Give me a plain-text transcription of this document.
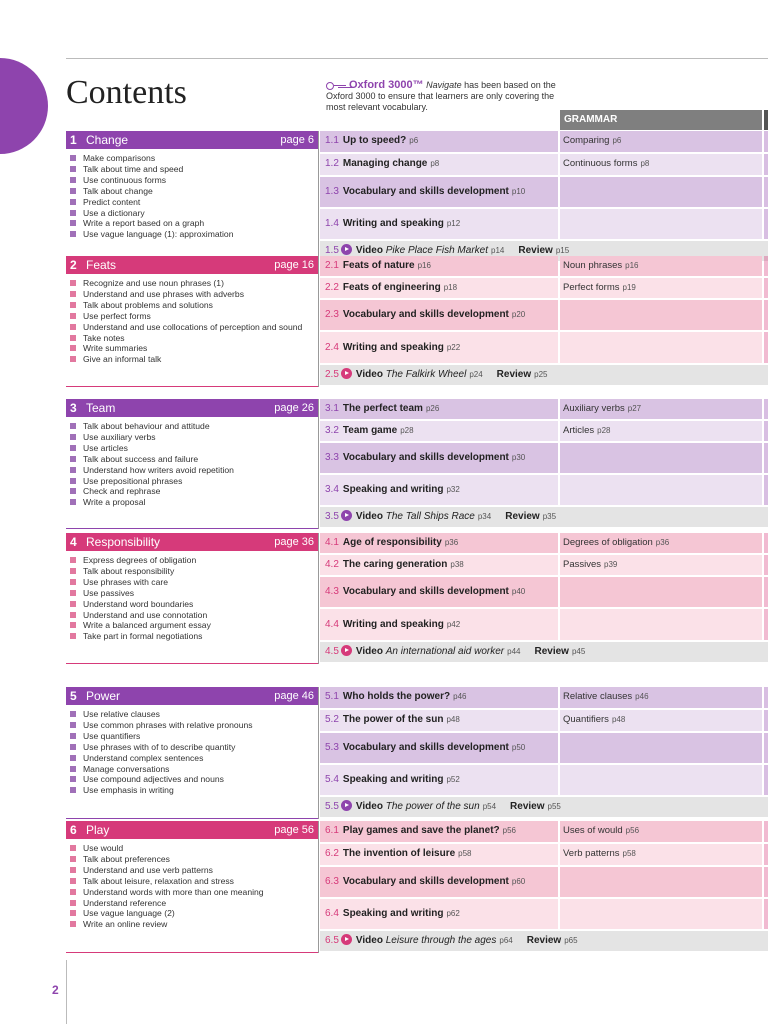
Contents	Oxford 3000™ Navigate has been based on the Oxford 3000 to ensure that learners are only covering the most relevant vocabulary.
GRAMMAR
1 Change	page 6
Make comparisons
Talk about time and speed
Use continuous forms
Talk about change
Predict content
Use a dictionary
Write a report based on a graph
Use vague language (1): approximation
1.1 Up to speed? p6	Comparing p6
1.2 Managing change p8	Continuous forms p8
1.3 Vocabulary and skills development p10
1.4 Writing and speaking p12
1.5 Video Pike Place Fish Market p14 Review p15
2 Feats	page 16
Recognize and use noun phrases (1)
Understand and use phrases with adverbs
Talk about problems and solutions
Use perfect forms
Understand and use collocations of perception and sound
Take notes
Write summaries
Give an informal talk
2.1 Feats of nature p16	Noun phrases p16
2.2 Feats of engineering p18	Perfect forms p19
2.3 Vocabulary and skills development p20
2.4 Writing and speaking p22
2.5 Video The Falkirk Wheel p24 Review p25
3 Team	page 26
Talk about behaviour and attitude
Use auxiliary verbs
Use articles
Talk about success and failure
Understand how writers avoid repetition
Use prepositional phrases
Check and rephrase
Write a proposal
3.1 The perfect team p26	Auxiliary verbs p27
3.2 Team game p28	Articles p28
3.3 Vocabulary and skills development p30
3.4 Speaking and writing p32
3.5 Video The Tall Ships Race p34 Review p35
4 Responsibility	page 36
Express degrees of obligation
Talk about responsibility
Use phrases with care
Use passives
Understand word boundaries
Understand and use connotation
Write a balanced argument essay
Take part in formal negotiations
4.1 Age of responsibility p36	Degrees of obligation p36
4.2 The caring generation p38	Passives p39
4.3 Vocabulary and skills development p40
4.4 Writing and speaking p42
4.5 Video An international aid worker p44 Review p45
5 Power	page 46
Use relative clauses
Use common phrases with relative pronouns
Use quantifiers
Use phrases with of to describe quantity
Understand complex sentences
Manage conversations
Use compound adjectives and nouns
Use emphasis in writing
5.1 Who holds the power? p46	Relative clauses p46
5.2 The power of the sun p48	Quantifiers p48
5.3 Vocabulary and skills development p50
5.4 Speaking and writing p52
5.5 Video The power of the sun p54 Review p55
6 Play	page 56
Use would
Talk about preferences
Understand and use verb patterns
Talk about leisure, relaxation and stress
Understand words with more than one meaning
Understand reference
Use vague language (2)
Write an online review
6.1 Play games and save the planet? p56	Uses of would p56
6.2 The invention of leisure p58	Verb patterns p58
6.3 Vocabulary and skills development p60
6.4 Speaking and writing p62
6.5 Video Leisure through the ages p64 Review p65
2
